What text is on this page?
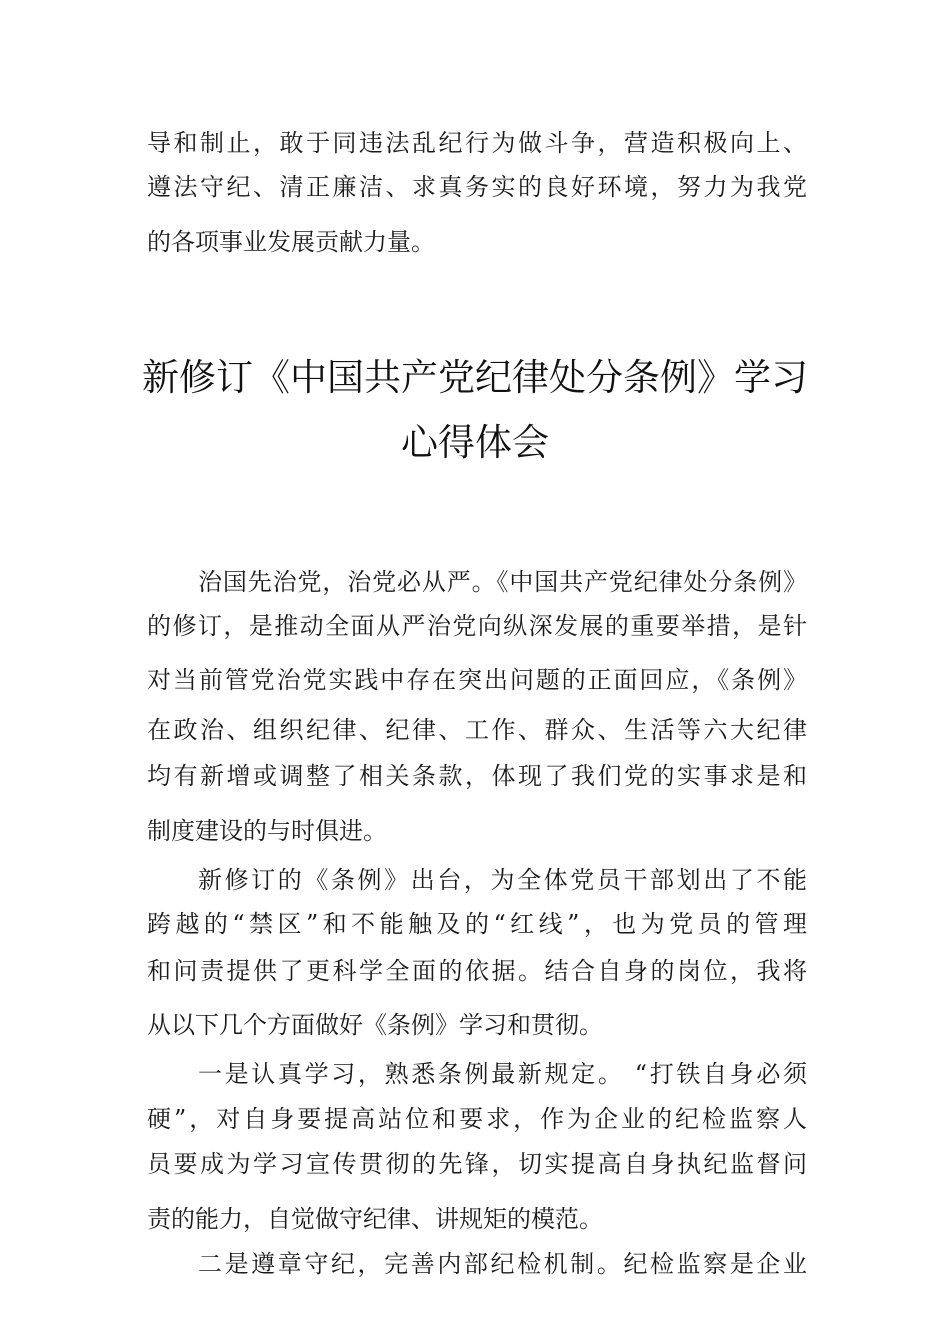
导和制止，敢于同违法乱纪行为做斗争，营造积极向上、
遵法守纪、清正廉洁、求真务实的良好环境，努力为我党
的各项事业发展贡献力量。
新修订《中国共产党纪律处分条例》学习
心得体会
治国先治党，治党必从严。《中国共产党纪律处分条例》
的修订，是推动全面从严治党向纵深发展的重要举措，是针
对当前管党治党实践中存在突出问题的正面回应，《条例》
在政治、组织纪律、纪律、工作、群众、生活等六大纪律
均有新增或调整了相关条款，体现了我们党的实事求是和
制度建设的与时俱进。
新修订的《条例》出台，为全体党员干部划出了不能
跨越的“禁区”和不能触及的“红线”，也为党员的管理
和问责提供了更科学全面的依据。结合自身的岗位，我将
从以下几个方面做好《条例》学习和贯彻。
一是认真学习，熟悉条例最新规定。 “打铁自身必须
硬”，对自身要提高站位和要求，作为企业的纪检监察人
员要成为学习宣传贯彻的先锋，切实提高自身执纪监督问
责的能力，自觉做守纪律、讲规矩的模范。
二是遵章守纪，完善内部纪检机制。纪检监察是企业
